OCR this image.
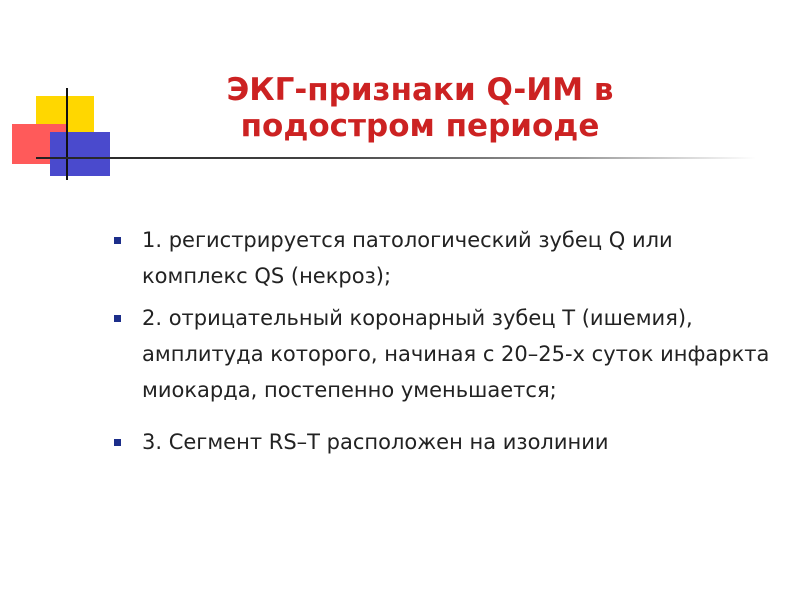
ЭКГ-признаки Q-ИМ в
подостром периоде
1. регистрируется патологический зубец Q или комплекс QS (некроз);
2. отрицательный коронарный зубец Т (ишемия), амплитуда которого, начиная с 20–25-х суток инфаркта миокарда, постепенно уменьшается;
3. Сегмент RS–T расположен на изолинии
